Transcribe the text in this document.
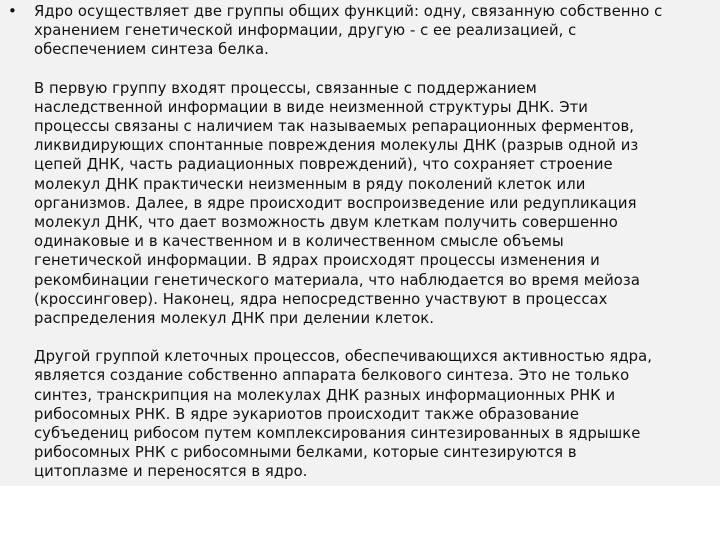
• Ядро осуществляет две группы общих функций: одну, связанную собственно с
хранением генетической информации, другую - с ее реализацией, с
обеспечением синтеза белка.

В первую группу входят процессы, связанные с поддержанием
наследственной информации в виде неизменной структуры ДНК. Эти
процессы связаны с наличием так называемых репарационных ферментов,
ликвидирующих спонтанные повреждения молекулы ДНК (разрыв одной из
цепей ДНК, часть радиационных повреждений), что сохраняет строение
молекул ДНК практически неизменным в ряду поколений клеток или
организмов. Далее, в ядре происходит воспроизведение или редупликация
молекул ДНК, что дает возможность двум клеткам получить совершенно
одинаковые и в качественном и в количественном смысле объемы
генетической информации. В ядрах происходят процессы изменения и
рекомбинации генетического материала, что наблюдается во время мейоза
(кроссинговер). Наконец, ядра непосредственно участвуют в процессах
распределения молекул ДНК при делении клеток.

Другой группой клеточных процессов, обеспечивающихся активностью ядра,
является создание собственно аппарата белкового синтеза. Это не только
синтез, транскрипция на молекулах ДНК разных информационных РНК и
рибосомных РНК. В ядре эукариотов происходит также образование
субъедениц рибосом путем комплексирования синтезированных в ядрышке
рибосомных РНК с рибосомными белками, которые синтезируются в
цитоплазме и переносятся в ядро.
